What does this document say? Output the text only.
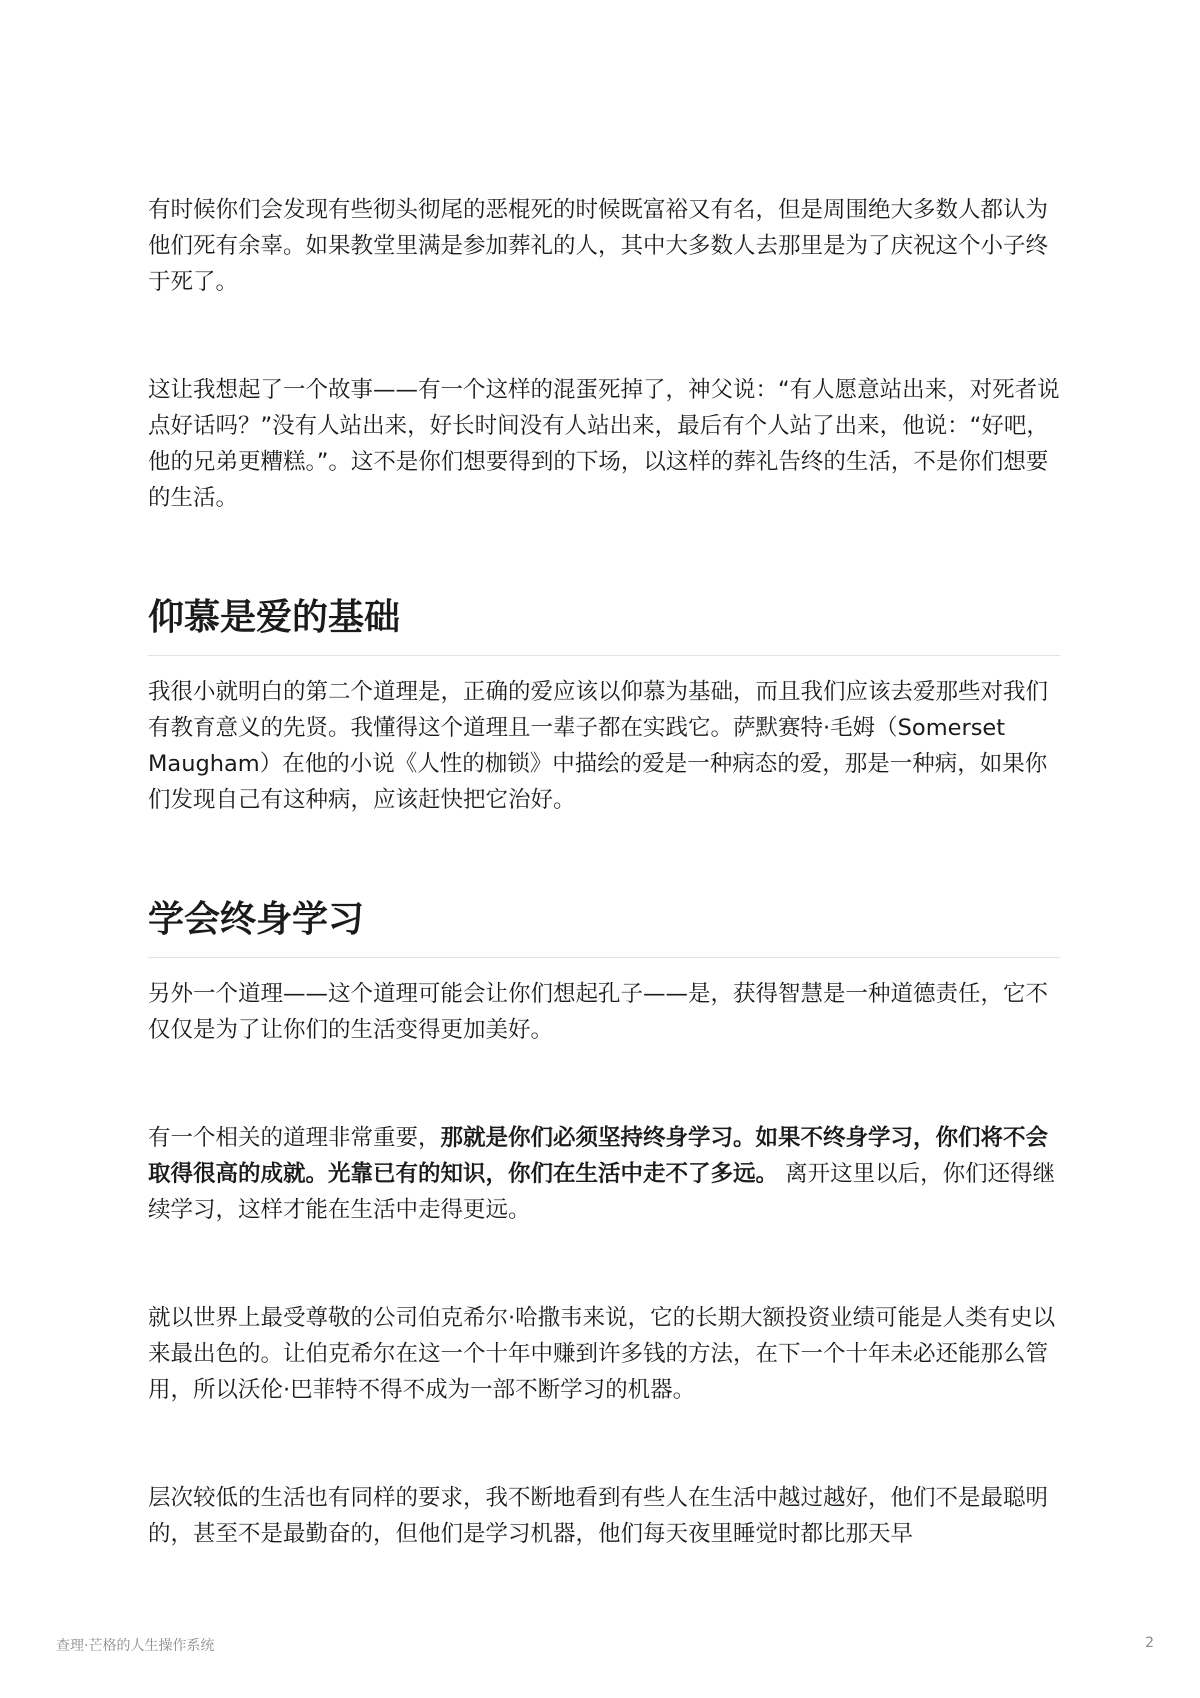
有时候你们会发现有些彻头彻尾的恶棍死的时候既富裕又有名，但是周围绝大多数人都认为他们死有余辜。如果教堂里满是参加葬礼的人，其中大多数人去那里是为了庆祝这个小子终于死了。

这让我想起了一个故事——有一个这样的混蛋死掉了，神父说：“有人愿意站出来，对死者说点好话吗？”没有人站出来，好长时间没有人站出来，最后有个人站了出来，他说：“好吧，他的兄弟更糟糕。”。这不是你们想要得到的下场，以这样的葬礼告终的生活，不是你们想要的生活。

仰慕是爱的基础

我很小就明白的第二个道理是，正确的爱应该以仰慕为基础，而且我们应该去爱那些对我们有教育意义的先贤。我懂得这个道理且一辈子都在实践它。萨默赛特·毛姆（Somerset Maugham）在他的小说《人性的枷锁》中描绘的爱是一种病态的爱，那是一种病，如果你们发现自己有这种病，应该赶快把它治好。

学会终身学习

另外一个道理——这个道理可能会让你们想起孔子——是，获得智慧是一种道德责任，它不仅仅是为了让你们的生活变得更加美好。

有一个相关的道理非常重要，那就是你们必须坚持终身学习。如果不终身学习，你们将不会取得很高的成就。光靠已有的知识，你们在生活中走不了多远。 离开这里以后，你们还得继续学习，这样才能在生活中走得更远。

就以世界上最受尊敬的公司伯克希尔·哈撒韦来说，它的长期大额投资业绩可能是人类有史以来最出色的。让伯克希尔在这一个十年中赚到许多钱的方法，在下一个十年未必还能那么管用，所以沃伦·巴菲特不得不成为一部不断学习的机器。

层次较低的生活也有同样的要求，我不断地看到有些人在生活中越过越好，他们不是最聪明的，甚至不是最勤奋的，但他们是学习机器，他们每天夜里睡觉时都比那天早

查理·芒格的人生操作系统	2
